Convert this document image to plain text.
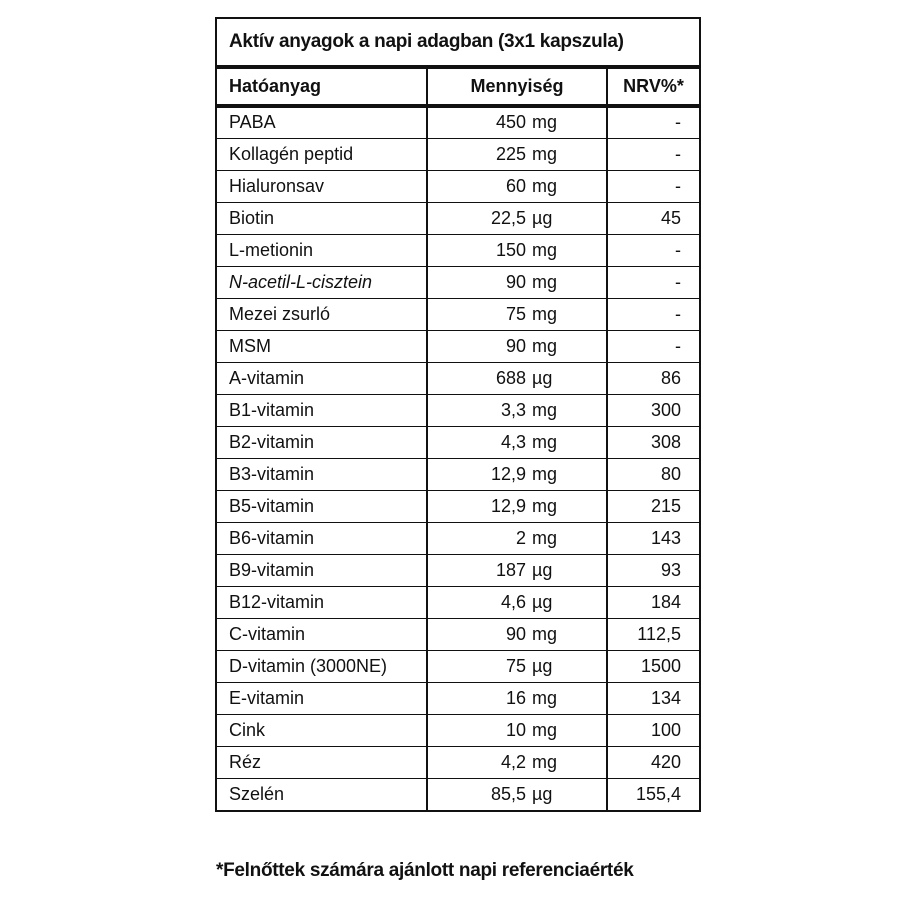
Aktív anyagok a napi adagban (3x1 kapszula)
Hatóanyag	Mennyiség	NRV%*
PABA	450 mg	-
Kollagén peptid	225 mg	-
Hialuronsav	60 mg	-
Biotin	22,5 µg	45
L-metionin	150 mg	-
N-acetil-L-cisztein	90 mg	-
Mezei zsurló	75 mg	-
MSM	90 mg	-
A-vitamin	688 µg	86
B1-vitamin	3,3 mg	300
B2-vitamin	4,3 mg	308
B3-vitamin	12,9 mg	80
B5-vitamin	12,9 mg	215
B6-vitamin	2 mg	143
B9-vitamin	187 µg	93
B12-vitamin	4,6 µg	184
C-vitamin	90 mg	112,5
D-vitamin (3000NE)	75 µg	1500
E-vitamin	16 mg	134
Cink	10 mg	100
Réz	4,2 mg	420
Szelén	85,5 µg	155,4
*Felnőttek számára ajánlott napi referenciaérték
